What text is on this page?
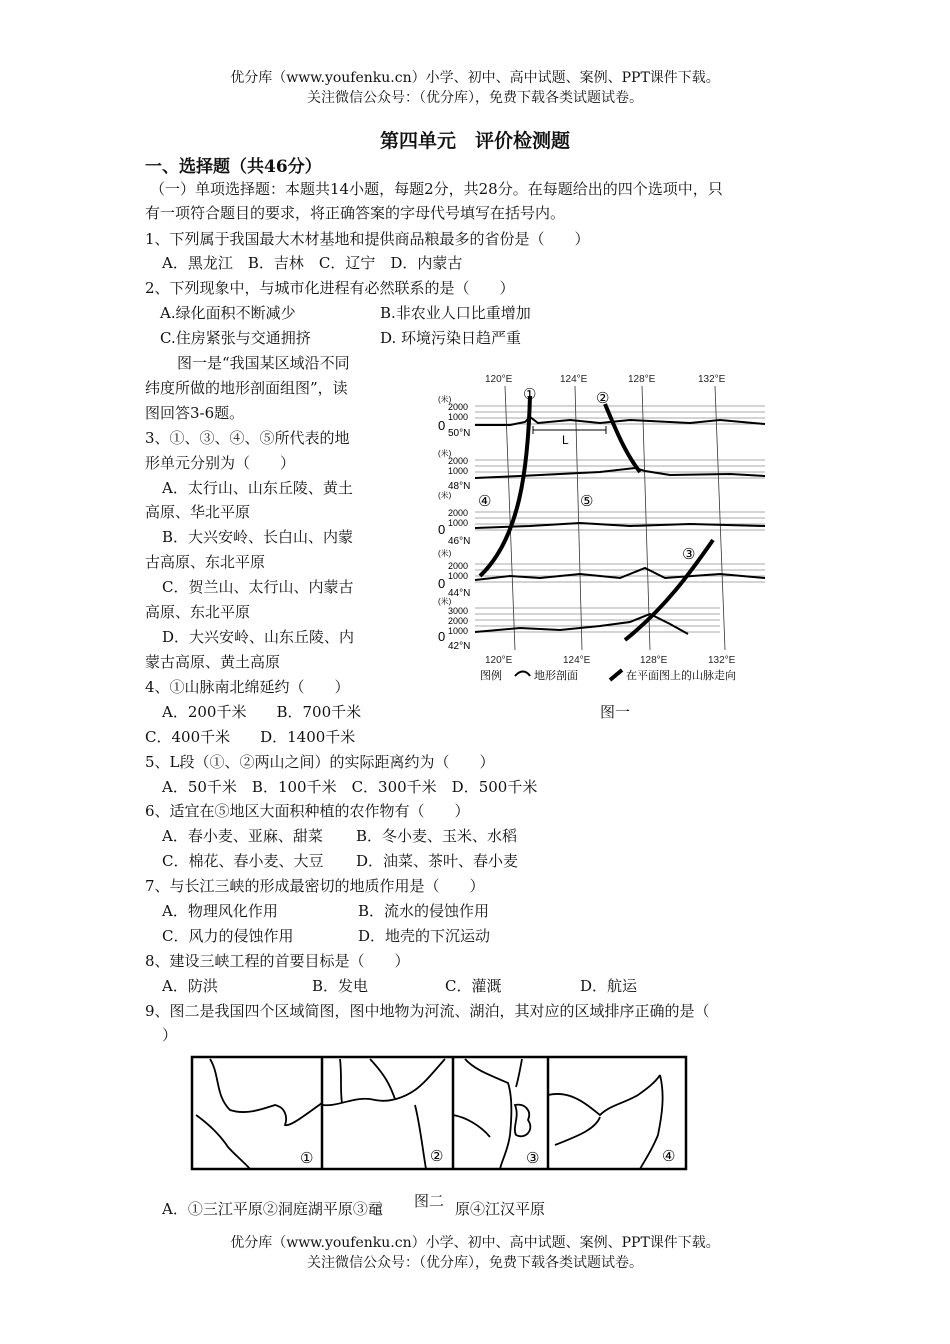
优分库（www.youfenku.cn）小学、初中、高中试题、案例、PPT课件下载。
关注微信公众号：（优分库），免费下载各类试题试卷。
第四单元　评价检测题
一、选择题（共46分）
（一）单项选择题：本题共14小题，每题2分，共28分。在每题给出的四个选项中，只
有一项符合题目的要求，将正确答案的字母代号填写在括号内。
1、下列属于我国最大木材基地和提供商品粮最多的省份是（　　）
A．黑龙江　B．吉林　C．辽宁　D．内蒙古
2、下列现象中，与城市化进程有必然联系的是（　　）
A.绿化面积不断减少	B.非农业人口比重增加
C.住房紧张与交通拥挤	D. 环境污染日趋严重
图一是“我国某区域沿不同
纬度所做的地形剖面组图”，读
图回答3-6题。
3、①、③、④、⑤所代表的地
形单元分别为（　　）
A．太行山、山东丘陵、黄土
高原、华北平原
B．大兴安岭、长白山、内蒙
古高原、东北平原
C．贺兰山、太行山、内蒙古
高原、东北平原
D．大兴安岭、山东丘陵、内
蒙古高原、黄土高原
4、①山脉南北绵延约（　　）
A．200千米　　B．700千米
C．400千米　　D．1400千米
120°E	124°E	128°E	132°E
(米)
2000
1000
0
50°N
(米)
2000
1000
48°N
(米)
2000
1000
0
46°N
(米)
2000
1000
0
44°N
(米)
3000
2000
1000
0
42°N
L
①	②
③
④	⑤
120°E	124°E	128°E	132°E
图例	地形剖面	在平面图上的山脉走向
图一
5、L段（①、②两山之间）的实际距离约为（　　）
A．50千米　B．100千米　C．300千米　D．500千米
6、适宜在⑤地区大面积种植的农作物有（　　）
A．春小麦、亚麻、甜菜 B．冬小麦、玉米、水稻
C．棉花、春小麦、大豆 D．油菜、茶叶、春小麦
7、与长江三峡的形成最密切的地质作用是（　　）
A．物理风化作用	B．流水的侵蚀作用
C．风力的侵蚀作用	D．地壳的下沉运动
8、建设三峡工程的首要目标是（　　）
A．防洪	B．发电	C．灌溉	D．航运
9、图二是我国四个区域简图，图中地物为河流、湖泊，其对应的区域排序正确的是（
）
①	②	③	④
A．①三江平原②洞庭湖平原③黿 图二 原④江汉平原
优分库（www.youfenku.cn）小学、初中、高中试题、案例、PPT课件下载。
关注微信公众号：（优分库），免费下载各类试题试卷。
